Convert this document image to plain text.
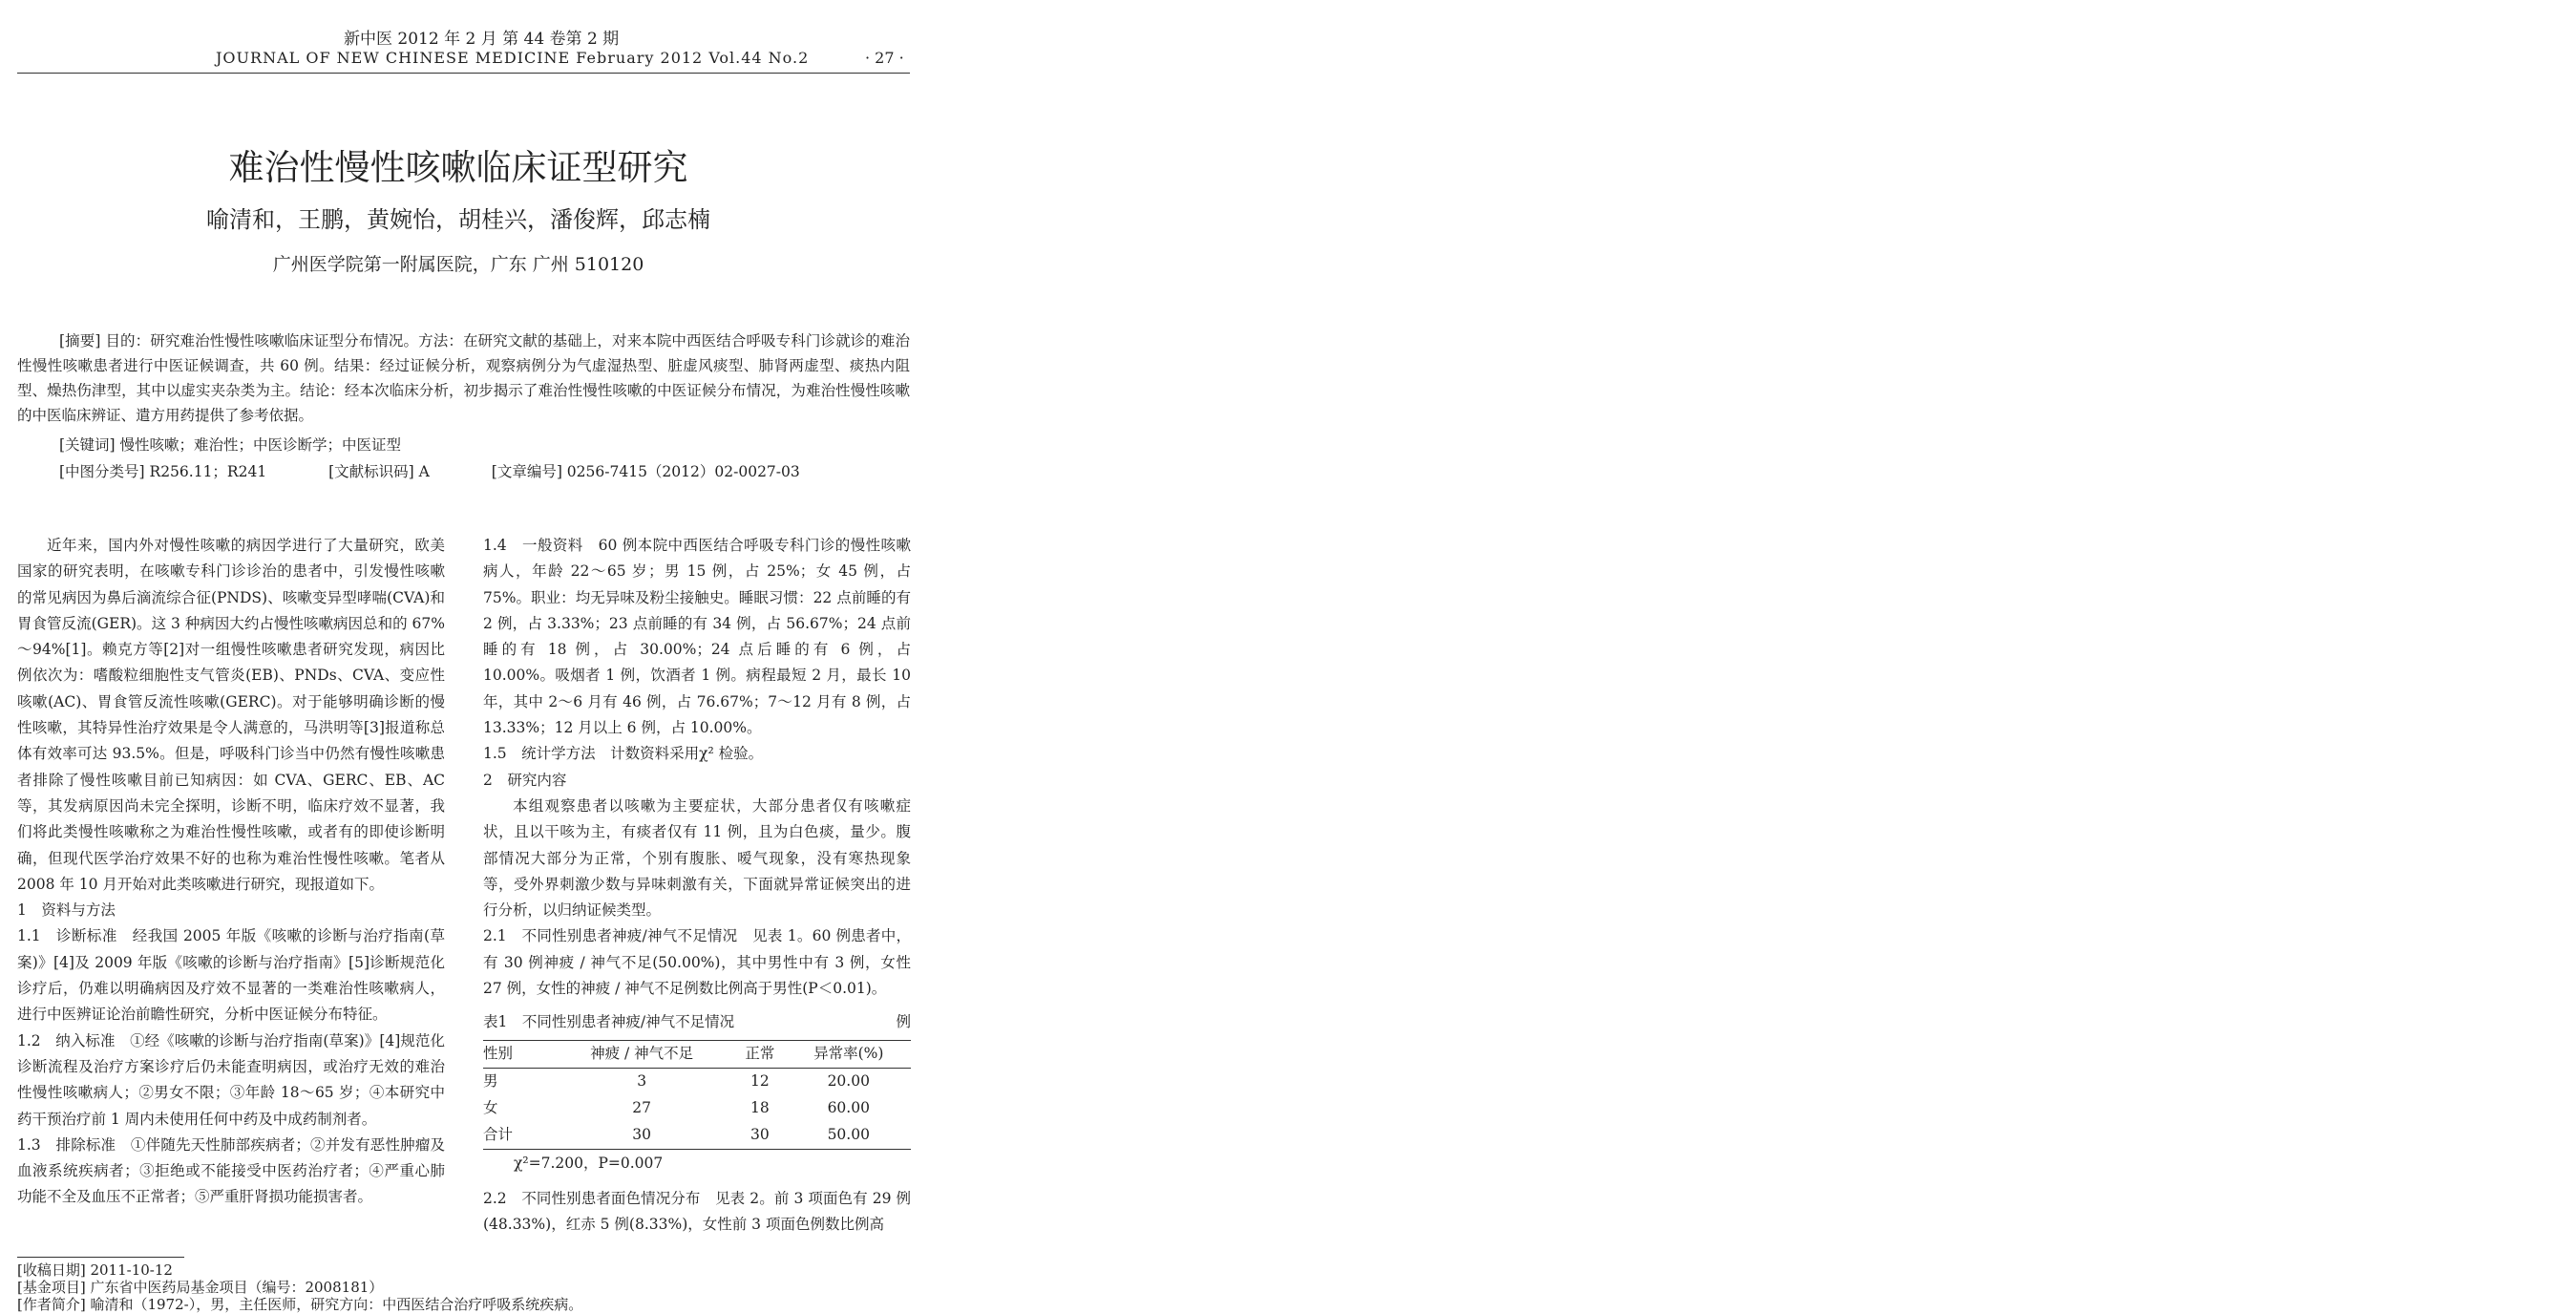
新中医 2012 年 2 月 第 44 卷第 2 期
JOURNAL OF NEW CHINESE MEDICINE February 2012 Vol.44 No.2	· 27 ·
难治性慢性咳嗽临床证型研究
喻清和，王鹏，黄婉怡，胡桂兴，潘俊辉，邱志楠
广州医学院第一附属医院，广东 广州 510120
[摘要] 目的：研究难治性慢性咳嗽临床证型分布情况。方法：在研究文献的基础上，对来本院中西医结合呼吸专科门诊就诊的难治性慢性咳嗽患者进行中医证候调查，共 60 例。结果：经过证候分析，观察病例分为气虚湿热型、脏虚风痰型、肺肾两虚型、痰热内阻型、燥热伤津型，其中以虚实夹杂类为主。结论：经本次临床分析，初步揭示了难治性慢性咳嗽的中医证候分布情况，为难治性慢性咳嗽的中医临床辨证、遣方用药提供了参考依据。
[关键词] 慢性咳嗽；难治性；中医诊断学；中医证型
[中图分类号] R256.11；R241	[文献标识码] A	[文章编号] 0256-7415（2012）02-0027-03

近年来，国内外对慢性咳嗽的病因学进行了大量研究，欧美国家的研究表明，在咳嗽专科门诊诊治的患者中，引发慢性咳嗽的常见病因为鼻后滴流综合征(PNDS)、咳嗽变异型哮喘(CVA)和胃食管反流(GER)。这 3 种病因大约占慢性咳嗽病因总和的 67%～94%[1]。赖克方等[2]对一组慢性咳嗽患者研究发现，病因比例依次为：嗜酸粒细胞性支气管炎(EB)、PNDs、CVA、变应性咳嗽(AC)、胃食管反流性咳嗽(GERC)。对于能够明确诊断的慢性咳嗽，其特异性治疗效果是令人满意的，马洪明等[3]报道称总体有效率可达 93.5%。但是，呼吸科门诊当中仍然有慢性咳嗽患者排除了慢性咳嗽目前已知病因：如 CVA、GERC、EB、AC 等，其发病原因尚未完全探明，诊断不明，临床疗效不显著，我们将此类慢性咳嗽称之为难治性慢性咳嗽，或者有的即使诊断明确，但现代医学治疗效果不好的也称为难治性慢性咳嗽。笔者从 2008 年 10 月开始对此类咳嗽进行研究，现报道如下。

1　资料与方法

1.1　诊断标准　经我国 2005 年版《咳嗽的诊断与治疗指南(草案)》[4]及 2009 年版《咳嗽的诊断与治疗指南》[5]诊断规范化诊疗后，仍难以明确病因及疗效不显著的一类难治性咳嗽病人，进行中医辨证论治前瞻性研究，分析中医证候分布特征。

1.2　纳入标准　①经《咳嗽的诊断与治疗指南(草案)》[4]规范化诊断流程及治疗方案诊疗后仍未能查明病因，或治疗无效的难治性慢性咳嗽病人；②男女不限；③年龄 18～65 岁；④本研究中药干预治疗前 1 周内未使用任何中药及中成药制剂者。

1.3　排除标准　①伴随先天性肺部疾病者；②并发有恶性肿瘤及血液系统疾病者；③拒绝或不能接受中医药治疗者；④严重心肺功能不全及血压不正常者；⑤严重肝肾损功能损害者。

1.4　一般资料　60 例本院中西医结合呼吸专科门诊的慢性咳嗽病人，年龄 22～65 岁；男 15 例，占 25%；女 45 例，占 75%。职业：均无异味及粉尘接触史。睡眠习惯：22 点前睡的有 2 例，占 3.33%；23 点前睡的有 34 例，占 56.67%；24 点前睡的有 18 例，占 30.00%；24 点后睡的有 6 例，占 10.00%。吸烟者 1 例，饮酒者 1 例。病程最短 2 月，最长 10 年，其中 2～6 月有 46 例，占 76.67%；7～12 月有 8 例，占 13.33%；12 月以上 6 例，占 10.00%。

1.5　统计学方法　计数资料采用χ² 检验。

2　研究内容

本组观察患者以咳嗽为主要症状，大部分患者仅有咳嗽症状，且以干咳为主，有痰者仅有 11 例，且为白色痰，量少。腹部情况大部分为正常，个别有腹胀、嗳气现象，没有寒热现象等，受外界刺激少数与异味刺激有关，下面就异常证候突出的进行分析，以归纳证候类型。

2.1　不同性别患者神疲/神气不足情况　见表 1。60 例患者中，有 30 例神疲 / 神气不足(50.00%)，其中男性中有 3 例，女性 27 例，女性的神疲 / 神气不足例数比例高于男性(P＜0.01)。

表1　不同性别患者神疲/神气不足情况	例
性别	神疲 / 神气不足	正常	异常率(%)
男	3	12	20.00
女	27	18	60.00
合计	30	30	50.00
χ²=7.200，P=0.007

2.2　不同性别患者面色情况分布　见表 2。前 3 项面色有 29 例(48.33%)，红赤 5 例(8.33%)，女性前 3 项面色例数比例高

[收稿日期] 2011-10-12
[基金项目] 广东省中医药局基金项目（编号：2008181）
[作者简介] 喻清和（1972-），男，主任医师，研究方向：中西医结合治疗呼吸系统疾病。
